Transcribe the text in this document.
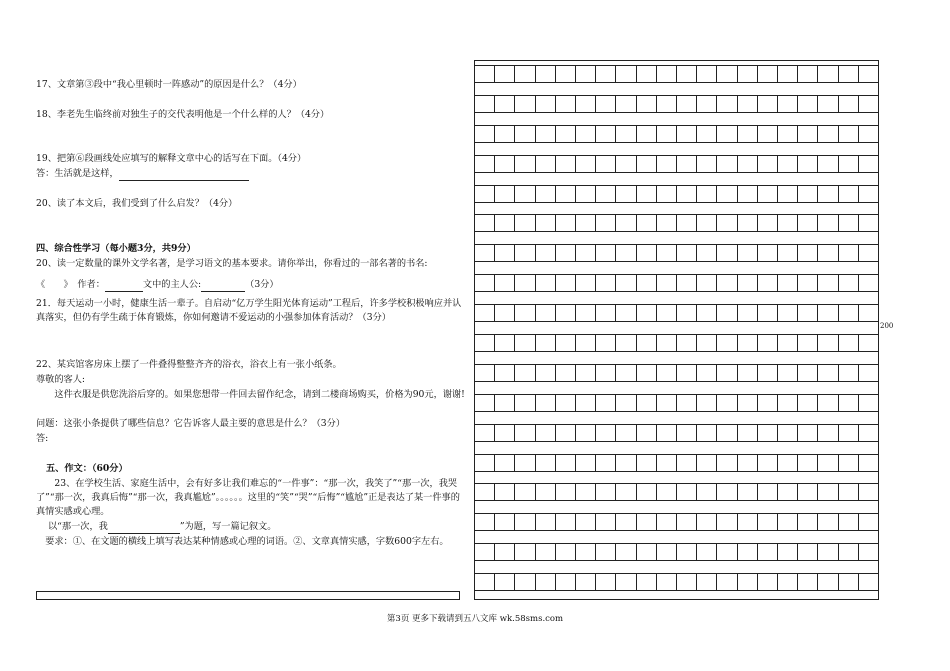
17、文章第③段中“我心里顿时一阵感动”的原因是什么？（4分）
18、李老先生临终前对独生子的交代表明他是一个什么样的人？（4分）
19、把第⑥段画线处应填写的解释文章中心的话写在下面。（4分）
答：生活就是这样，
20、读了本文后，我们受到了什么启发？（4分）
四、综合性学习（每小题3分，共9分）
20、读一定数量的课外文学名著，是学习语文的基本要求。请你举出，你看过的一部名著的书名:
《　　》　作者：	文中的主人公:	（3分）
21．每天运动一小时，健康生活一辈子。自启动“亿万学生阳光体育运动”工程后，许多学校积极响应并认真落实，但仍有学生疏于体育锻炼，你如何邀请不爱运动的小强参加体育活动？（3分）
22、某宾馆客房床上摆了一件叠得整整齐齐的浴衣，浴衣上有一张小纸条。
尊敬的客人:
这件衣服是供您洗浴后穿的。如果您想带一件回去留作纪念，请到二楼商场购买，价格为90元，谢谢!
问题：这张小条提供了哪些信息？它告诉客人最主要的意思是什么？（3分）
答:
五、作文：（60分）
23、在学校生活、家庭生活中，会有好多让我们难忘的“一件事”：“那一次，我笑了”“那一次，我哭了”“那一次，我真后悔”“那一次，我真尴尬”。。。。。。这里的“笑”“哭”“后悔”“尴尬”正是表达了某一件事的真情实感或心理。
以“那一次，我	”为题，写一篇记叙文。
要求：①、在文题的横线上填写表达某种情感或心理的词语。②、文章真情实感，字数600字左右。
200
第3页 更多下载请到五八文库 wk.58sms.com
